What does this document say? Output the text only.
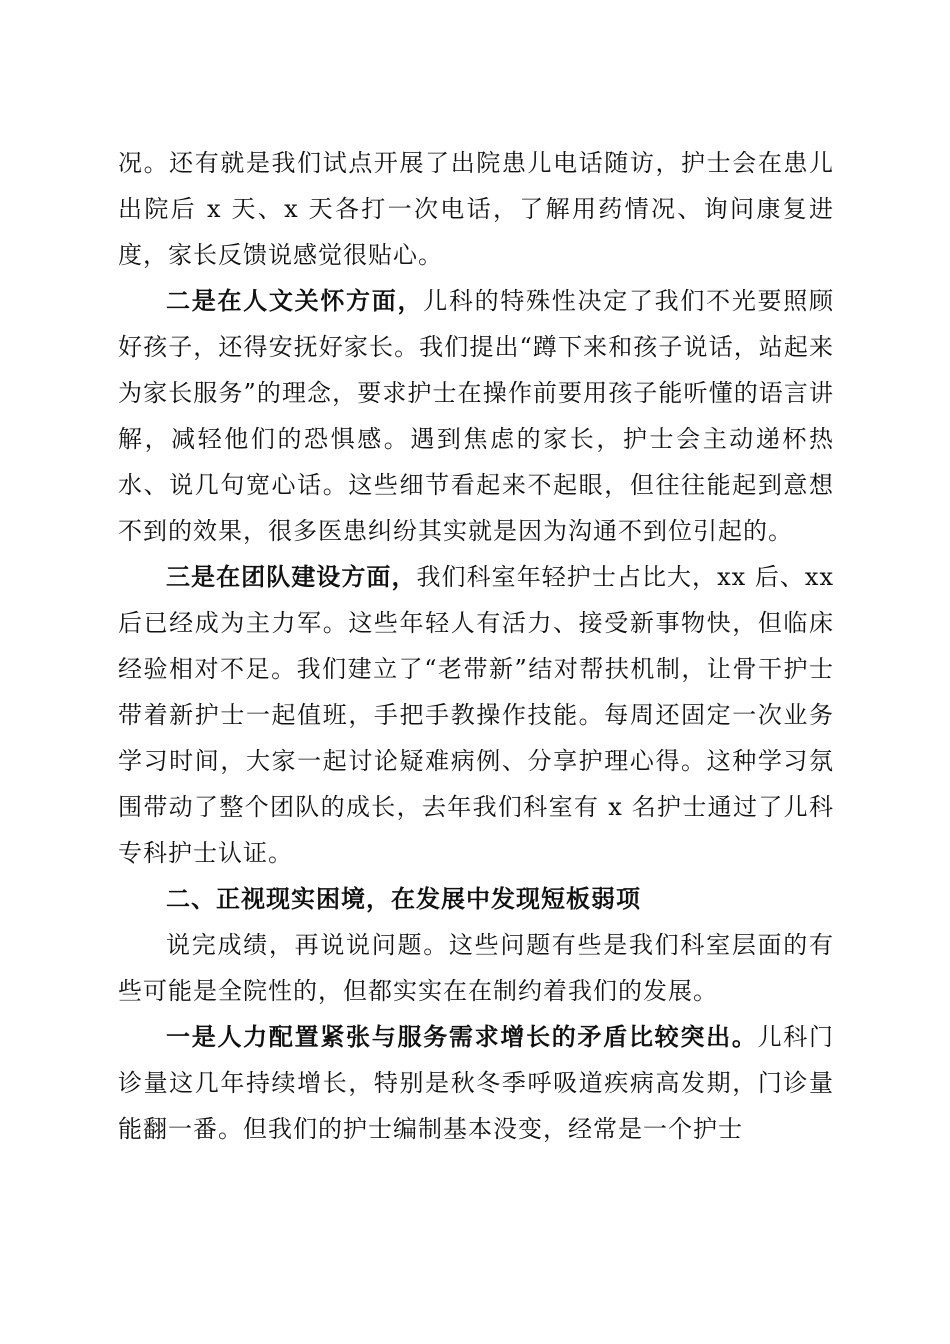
况。还有就是我们试点开展了出院患儿电话随访，护士会在患儿出院后 x 天、x 天各打一次电话，了解用药情况、询问康复进度，家长反馈说感觉很贴心。

二是在人文关怀方面，儿科的特殊性决定了我们不光要照顾好孩子，还得安抚好家长。我们提出“蹲下来和孩子说话，站起来为家长服务”的理念，要求护士在操作前要用孩子能听懂的语言讲解，减轻他们的恐惧感。遇到焦虑的家长，护士会主动递杯热水、说几句宽心话。这些细节看起来不起眼，但往往能起到意想不到的效果，很多医患纠纷其实就是因为沟通不到位引起的。

三是在团队建设方面，我们科室年轻护士占比大，xx 后、xx 后已经成为主力军。这些年轻人有活力、接受新事物快，但临床经验相对不足。我们建立了“老带新”结对帮扶机制，让骨干护士带着新护士一起值班，手把手教操作技能。每周还固定一次业务学习时间，大家一起讨论疑难病例、分享护理心得。这种学习氛围带动了整个团队的成长，去年我们科室有 x 名护士通过了儿科专科护士认证。

二、正视现实困境，在发展中发现短板弱项

说完成绩，再说说问题。这些问题有些是我们科室层面的有些可能是全院性的，但都实实在在制约着我们的发展。

一是人力配置紧张与服务需求增长的矛盾比较突出。儿科门诊量这几年持续增长，特别是秋冬季呼吸道疾病高发期，门诊量能翻一番。但我们的护士编制基本没变，经常是一个护士
